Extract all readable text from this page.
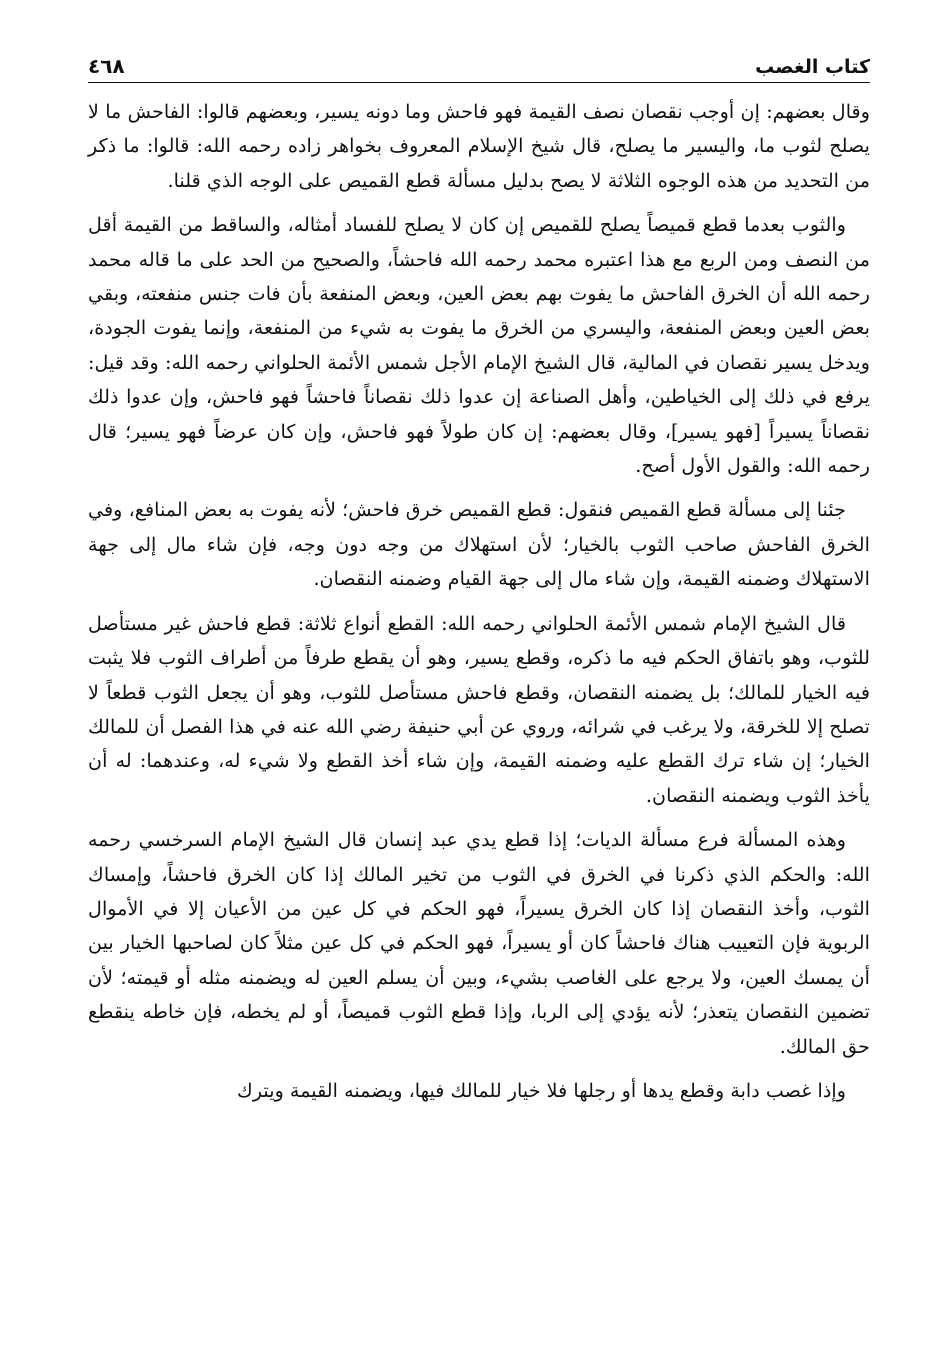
كتاب الغصب
٤٦٨

وقال بعضهم: إن أوجب نقصان نصف القيمة فهو فاحش وما دونه يسير، وبعضهم قالوا: الفاحش ما لا يصلح لثوب ما، واليسير ما يصلح، قال شيخ الإسلام المعروف بخواهر زاده رحمه الله: قالوا: ما ذكر من التحديد من هذه الوجوه الثلاثة لا يصح بدليل مسألة قطع القميص على الوجه الذي قلنا.

والثوب بعدما قطع قميصاً يصلح للقميص إن كان لا يصلح للفساد أمثاله، والساقط من القيمة أقل من النصف ومن الربع مع هذا اعتبره محمد رحمه الله فاحشاً، والصحيح من الحد على ما قاله محمد رحمه الله أن الخرق الفاحش ما يفوت بهم بعض العين، وبعض المنفعة بأن فات جنس منفعته، وبقي بعض العين وبعض المنفعة، واليسري من الخرق ما يفوت به شيء من المنفعة، وإنما يفوت الجودة، ويدخل يسير نقصان في المالية، قال الشيخ الإمام الأجل شمس الأئمة الحلواني رحمه الله: وقد قيل: يرفع في ذلك إلى الخياطين، وأهل الصناعة إن عدوا ذلك نقصاناً فاحشاً فهو فاحش، وإن عدوا ذلك نقصاناً يسيراً [فهو يسير]، وقال بعضهم: إن كان طولاً فهو فاحش، وإن كان عرضاً فهو يسير؛ قال رحمه الله: والقول الأول أصح.

جئنا إلى مسألة قطع القميص فنقول: قطع القميص خرق فاحش؛ لأنه يفوت به بعض المنافع، وفي الخرق الفاحش صاحب الثوب بالخيار؛ لأن استهلاك من وجه دون وجه، فإن شاء مال إلى جهة الاستهلاك وضمنه القيمة، وإن شاء مال إلى جهة القيام وضمنه النقصان.

قال الشيخ الإمام شمس الأئمة الحلواني رحمه الله: القطع أنواع ثلاثة: قطع فاحش غير مستأصل للثوب، وهو باتفاق الحكم فيه ما ذكره، وقطع يسير، وهو أن يقطع طرفاً من أطراف الثوب فلا يثبت فيه الخيار للمالك؛ بل يضمنه النقصان، وقطع فاحش مستأصل للثوب، وهو أن يجعل الثوب قطعاً لا تصلح إلا للخرقة، ولا يرغب في شرائه، وروي عن أبي حنيفة رضي الله عنه في هذا الفصل أن للمالك الخيار؛ إن شاء ترك القطع عليه وضمنه القيمة، وإن شاء أخذ القطع ولا شيء له، وعندهما: له أن يأخذ الثوب ويضمنه النقصان.

وهذه المسألة فرع مسألة الديات؛ إذا قطع يدي عبد إنسان قال الشيخ الإمام السرخسي رحمه الله: والحكم الذي ذكرنا في الخرق في الثوب من تخير المالك إذا كان الخرق فاحشاً، وإمساك الثوب، وأخذ النقصان إذا كان الخرق يسيراً، فهو الحكم في كل عين من الأعيان إلا في الأموال الربوية فإن التعييب هناك فاحشاً كان أو يسيراً، فهو الحكم في كل عين مثلاً كان لصاحبها الخيار بين أن يمسك العين، ولا يرجع على الغاصب بشيء، وبين أن يسلم العين له ويضمنه مثله أو قيمته؛ لأن تضمين النقصان يتعذر؛ لأنه يؤدي إلى الربا، وإذا قطع الثوب قميصاً، أو لم يخطه، فإن خاطه ينقطع حق المالك.

وإذا غصب دابة وقطع يدها أو رجلها فلا خيار للمالك فيها، ويضمنه القيمة ويترك
